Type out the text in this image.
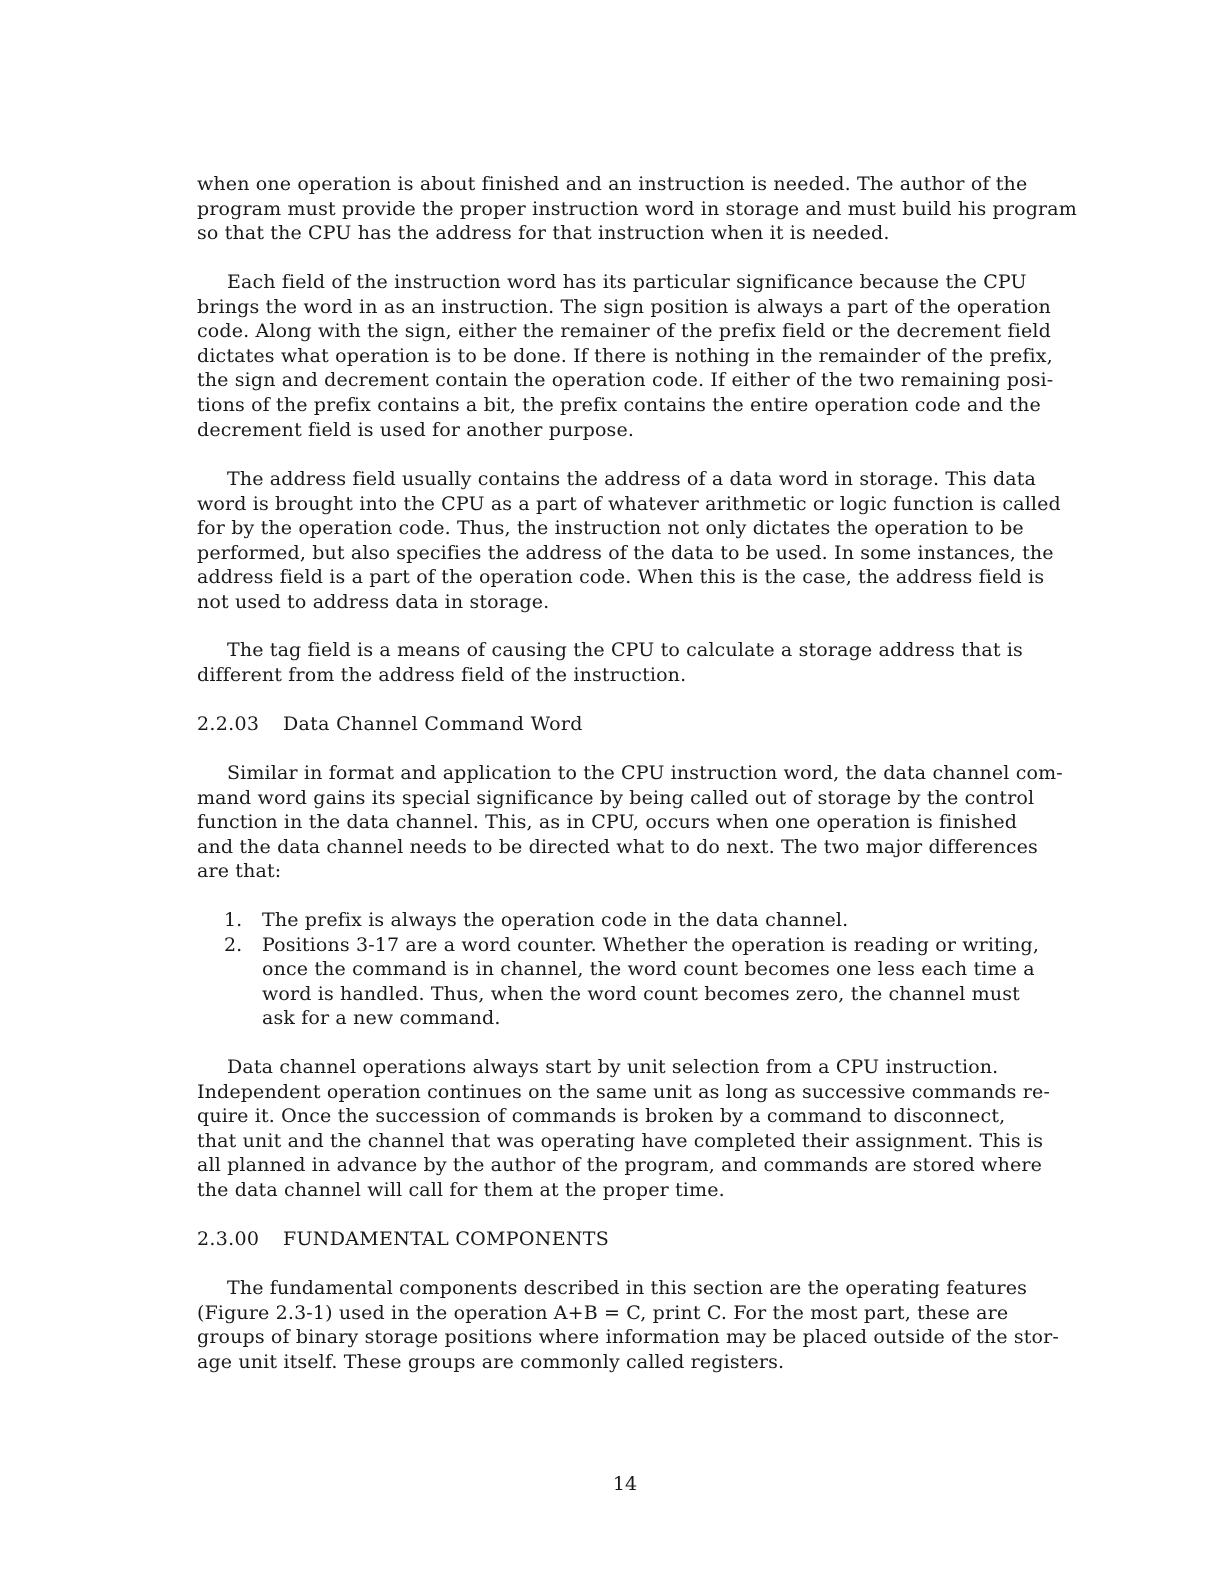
when one operation is about finished and an instruction is needed. The author of the
program must provide the proper instruction word in storage and must build his program
so that the CPU has the address for that instruction when it is needed.
Each field of the instruction word has its particular significance because the CPU
brings the word in as an instruction. The sign position is always a part of the operation
code. Along with the sign, either the remainer of the prefix field or the decrement field
dictates what operation is to be done. If there is nothing in the remainder of the prefix,
the sign and decrement contain the operation code. If either of the two remaining posi-
tions of the prefix contains a bit, the prefix contains the entire operation code and the
decrement field is used for another purpose.
The address field usually contains the address of a data word in storage. This data
word is brought into the CPU as a part of whatever arithmetic or logic function is called
for by the operation code. Thus, the instruction not only dictates the operation to be
performed, but also specifies the address of the data to be used. In some instances, the
address field is a part of the operation code. When this is the case, the address field is
not used to address data in storage.
The tag field is a means of causing the CPU to calculate a storage address that is
different from the address field of the instruction.
2.2.03 Data Channel Command Word
Similar in format and application to the CPU instruction word, the data channel com-
mand word gains its special significance by being called out of storage by the control
function in the data channel. This, as in CPU, occurs when one operation is finished
and the data channel needs to be directed what to do next. The two major differences
are that:
1. The prefix is always the operation code in the data channel.
2. Positions 3-17 are a word counter. Whether the operation is reading or writing,
once the command is in channel, the word count becomes one less each time a
word is handled. Thus, when the word count becomes zero, the channel must
ask for a new command.
Data channel operations always start by unit selection from a CPU instruction.
Independent operation continues on the same unit as long as successive commands re-
quire it. Once the succession of commands is broken by a command to disconnect,
that unit and the channel that was operating have completed their assignment. This is
all planned in advance by the author of the program, and commands are stored where
the data channel will call for them at the proper time.
2.3.00 FUNDAMENTAL COMPONENTS
The fundamental components described in this section are the operating features
(Figure 2.3-1) used in the operation A+B = C, print C. For the most part, these are
groups of binary storage positions where information may be placed outside of the stor-
age unit itself. These groups are commonly called registers.
14
